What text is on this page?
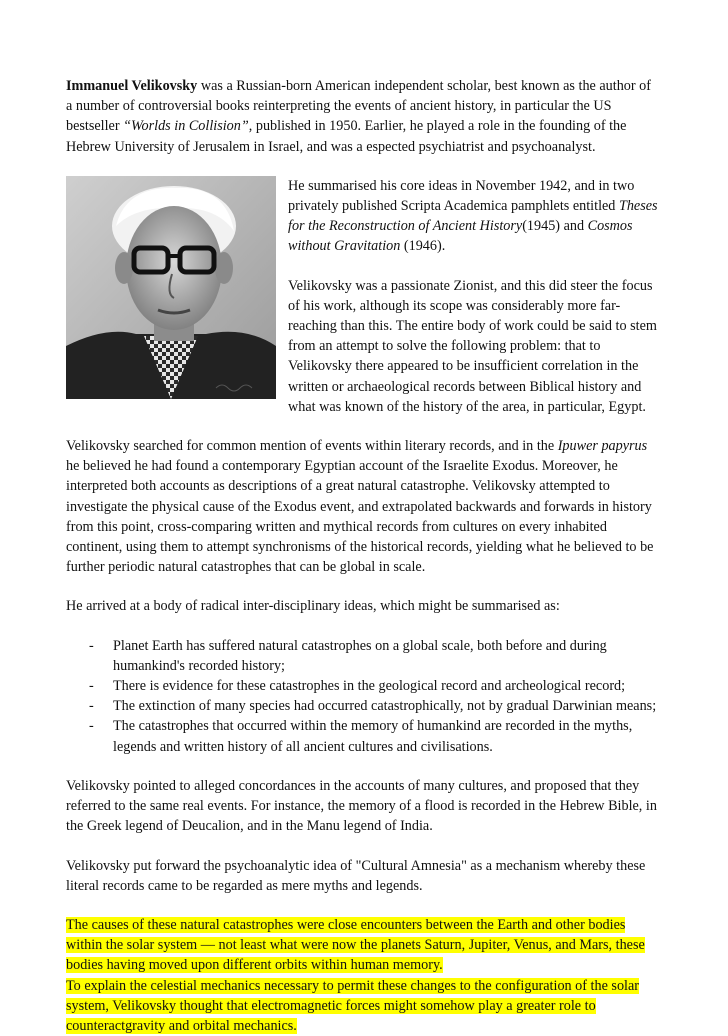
Immanuel Velikovsky was a Russian-born American independent scholar, best known as the author of a number of controversial books reinterpreting the events of ancient history, in particular the US bestseller “Worlds in Collision”, published in 1950. Earlier, he played a role in the founding of the Hebrew University of Jerusalem in Israel, and was a espected psychiatrist and psychoanalyst.

He summarised his core ideas in November 1942, and in two privately published Scripta Academica pamphlets entitled Theses for the Reconstruction of Ancient History(1945) and Cosmos without Gravitation (1946).

Velikovsky was a passionate Zionist, and this did steer the focus of his work, although its scope was considerably more far-reaching than this. The entire body of work could be said to stem from an attempt to solve the following problem: that to Velikovsky there appeared to be insufficient correlation in the written or archaeological records between Biblical history and what was known of the history of the area, in particular, Egypt.

Velikovsky searched for common mention of events within literary records, and in the Ipuwer papyrus he believed he had found a contemporary Egyptian account of the Israelite Exodus. Moreover, he interpreted both accounts as descriptions of a great natural catastrophe. Velikovsky attempted to investigate the physical cause of the Exodus event, and extrapolated backwards and forwards in history from this point, cross-comparing written and mythical records from cultures on every inhabited continent, using them to attempt synchronisms of the historical records, yielding what he believed to be further periodic natural catastrophes that can be global in scale.

He arrived at a body of radical inter-disciplinary ideas, which might be summarised as:

- Planet Earth has suffered natural catastrophes on a global scale, both before and during humankind's recorded history;
- There is evidence for these catastrophes in the geological record and archeological record;
- The extinction of many species had occurred catastrophically, not by gradual Darwinian means;
- The catastrophes that occurred within the memory of humankind are recorded in the myths, legends and written history of all ancient cultures and civilisations.

Velikovsky pointed to alleged concordances in the accounts of many cultures, and proposed that they referred to the same real events. For instance, the memory of a flood is recorded in the Hebrew Bible, in the Greek legend of Deucalion, and in the Manu legend of India.

Velikovsky put forward the psychoanalytic idea of "Cultural Amnesia" as a mechanism whereby these literal records came to be regarded as mere myths and legends.

The causes of these natural catastrophes were close encounters between the Earth and other bodies within the solar system — not least what were now the planets Saturn, Jupiter, Venus, and Mars, these bodies having moved upon different orbits within human memory.
To explain the celestial mechanics necessary to permit these changes to the configuration of the solar system, Velikovsky thought that electromagnetic forces might somehow play a greater role to counteractgravity and orbital mechanics.
